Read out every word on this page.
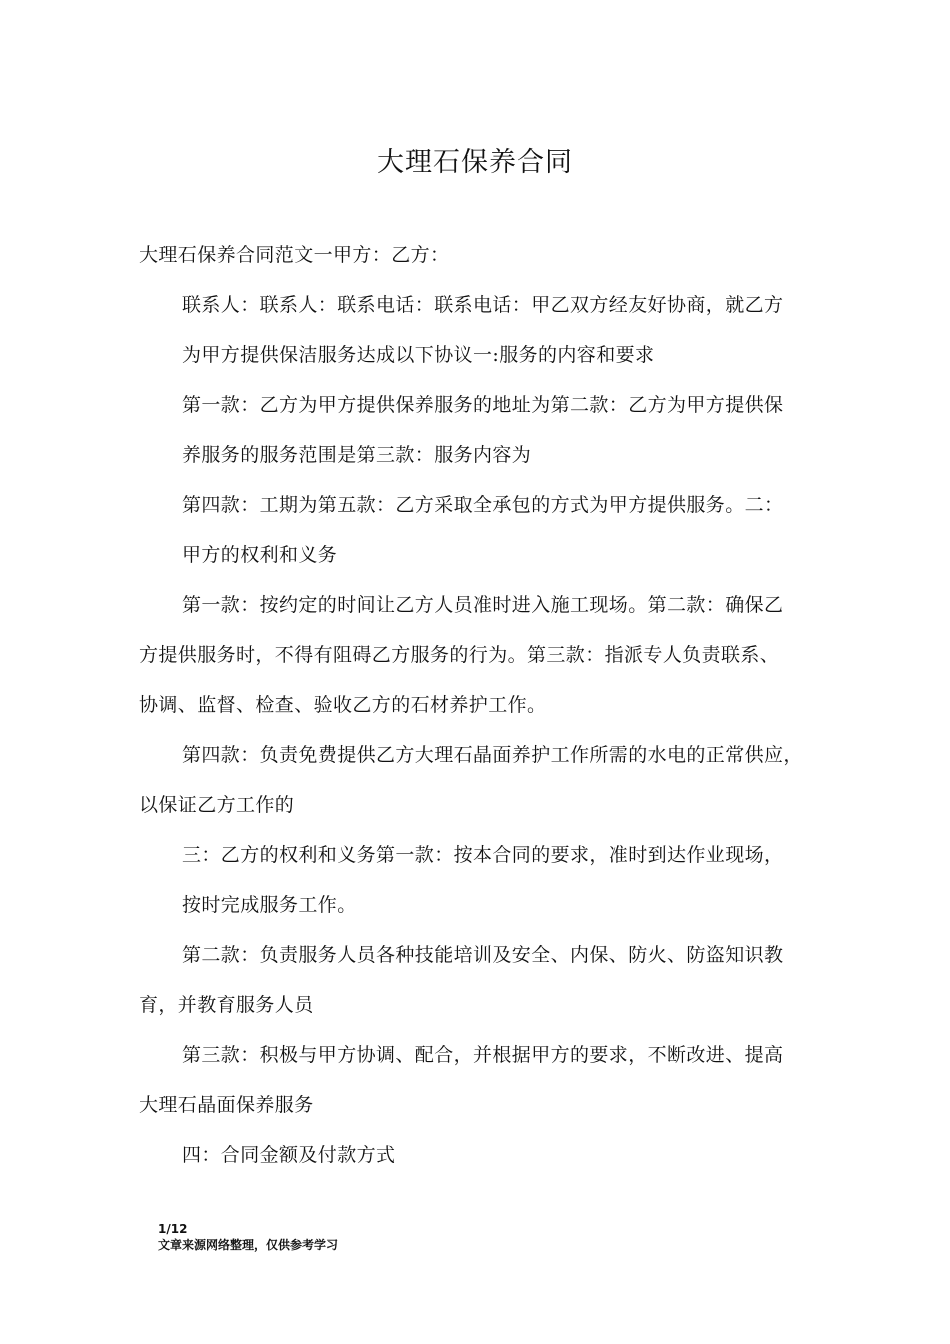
大理石保养合同
大理石保养合同范文一甲方：乙方：
联系人：联系人：联系电话：联系电话：甲乙双方经友好协商，就乙方
为甲方提供保洁服务达成以下协议一:服务的内容和要求
第一款：乙方为甲方提供保养服务的地址为第二款：乙方为甲方提供保
养服务的服务范围是第三款：服务内容为
第四款：工期为第五款：乙方采取全承包的方式为甲方提供服务。二：
甲方的权利和义务
第一款：按约定的时间让乙方人员准时进入施工现场。第二款：确保乙
方提供服务时，不得有阻碍乙方服务的行为。第三款：指派专人负责联系、
协调、监督、检查、验收乙方的石材养护工作。
第四款：负责免费提供乙方大理石晶面养护工作所需的水电的正常供应，
以保证乙方工作的
三：乙方的权利和义务第一款：按本合同的要求，准时到达作业现场，
按时完成服务工作。
第二款：负责服务人员各种技能培训及安全、内保、防火、防盗知识教
育，并教育服务人员
第三款：积极与甲方协调、配合，并根据甲方的要求，不断改进、提高
大理石晶面保养服务
四：合同金额及付款方式
1/12
文章来源网络整理，仅供参考学习
